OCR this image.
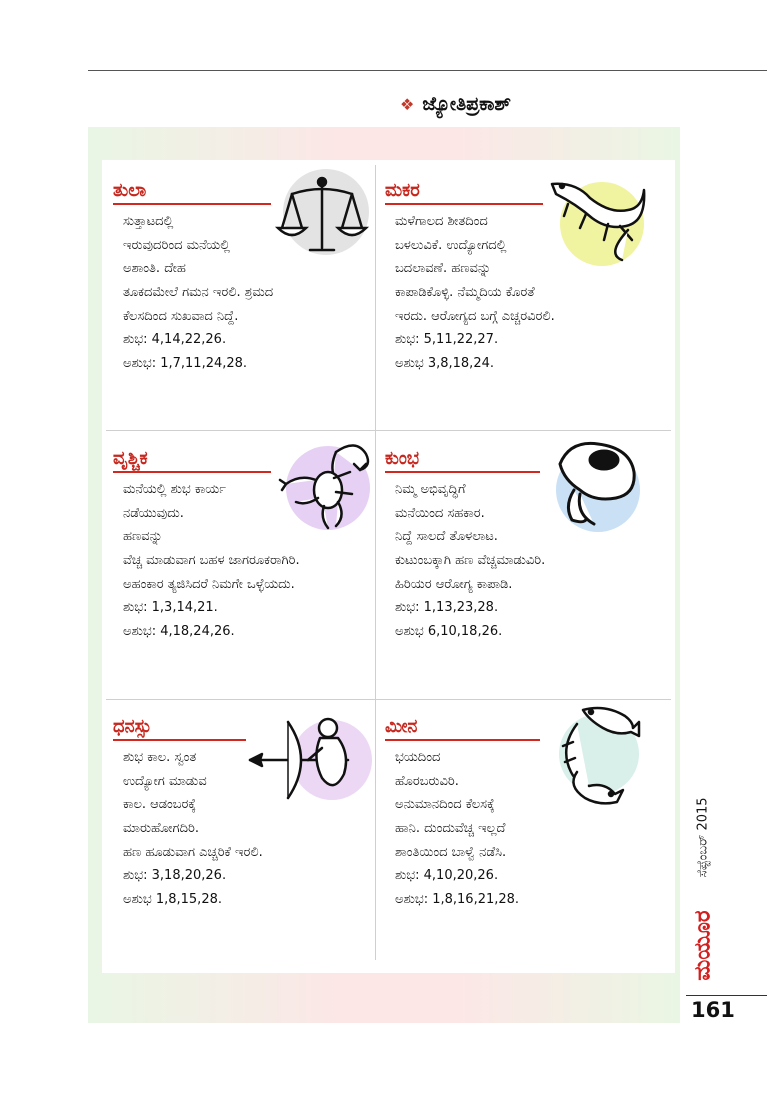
❖ ಜ್ಯೋತಿಪ್ರಕಾಶ್
ತುಲಾ
ಸುತ್ತಾಟದಲ್ಲಿ
ಇರುವುದರಿಂದ ಮನೆಯಲ್ಲಿ
ಅಶಾಂತಿ. ದೇಹ
ತೂಕದಮೇಲೆ ಗಮನ ಇರಲಿ. ಶ್ರಮದ
ಕೆಲಸದಿಂದ ಸುಖವಾದ ನಿದ್ದೆ.
ಶುಭ: 4,14,22,26.
ಅಶುಭ: 1,7,11,24,28.
ಮಕರ
ಮಳೆಗಾಲದ ಶೀತದಿಂದ
ಬಳಲುವಿಕೆ. ಉದ್ಯೋಗದಲ್ಲಿ
ಬದಲಾವಣೆ. ಹಣವನ್ನು
ಕಾಪಾಡಿಕೊಳ್ಳಿ. ನೆಮ್ಮದಿಯ ಕೊರತೆ
ಇರದು. ಆರೋಗ್ಯದ ಬಗ್ಗೆ ಎಚ್ಚರವಿರಲಿ.
ಶುಭ: 5,11,22,27.
ಅಶುಭ 3,8,18,24.
ವೃಶ್ಚಿಕ
ಮನೆಯಲ್ಲಿ ಶುಭ ಕಾರ್ಯ
ನಡೆಯುವುದು.
ಹಣವನ್ನು
ವೆಚ್ಚ ಮಾಡುವಾಗ ಬಹಳ ಜಾಗರೂಕರಾಗಿರಿ.
ಅಹಂಕಾರ ತ್ಯಜಿಸಿದರೆ ನಿಮಗೇ ಒಳ್ಳೆಯದು.
ಶುಭ: 1,3,14,21.
ಅಶುಭ: 4,18,24,26.
ಕುಂಭ
ನಿಮ್ಮ ಅಭಿವೃದ್ಧಿಗೆ
ಮನೆಯಿಂದ ಸಹಕಾರ.
ನಿದ್ದೆ ಸಾಲದೆ ತೊಳಲಾಟ.
ಕುಟುಂಬಕ್ಕಾಗಿ ಹಣ ವೆಚ್ಚಮಾಡುವಿರಿ.
ಹಿರಿಯರ ಆರೋಗ್ಯ ಕಾಪಾಡಿ.
ಶುಭ: 1,13,23,28.
ಅಶುಭ 6,10,18,26.
ಧನಸ್ಸು
ಶುಭ ಕಾಲ. ಸ್ವಂತ
ಉದ್ಯೋಗ ಮಾಡುವ
ಕಾಲ. ಆಡಂಬರಕ್ಕೆ
ಮಾರುಹೋಗದಿರಿ.
ಹಣ ಹೂಡುವಾಗ ಎಚ್ಚರಿಕೆ ಇರಲಿ.
ಶುಭ: 3,18,20,26.
ಅಶುಭ 1,8,15,28.
ಮೀನ
ಭಯದಿಂದ
ಹೊರಬರುವಿರಿ.
ಅನುಮಾನದಿಂದ ಕೆಲಸಕ್ಕೆ
ಹಾನಿ. ದುಂದುವೆಚ್ಚ ಇಲ್ಲದೆ
ಶಾಂತಿಯಿಂದ ಬಾಳ್ವೆ ನಡೆಸಿ.
ಶುಭ: 4,10,20,26.
ಅಶುಭ: 1,8,16,21,28.
ಸೆಪ್ಟೆಂಬರ್ 2015
ಮಯೂರ
161
